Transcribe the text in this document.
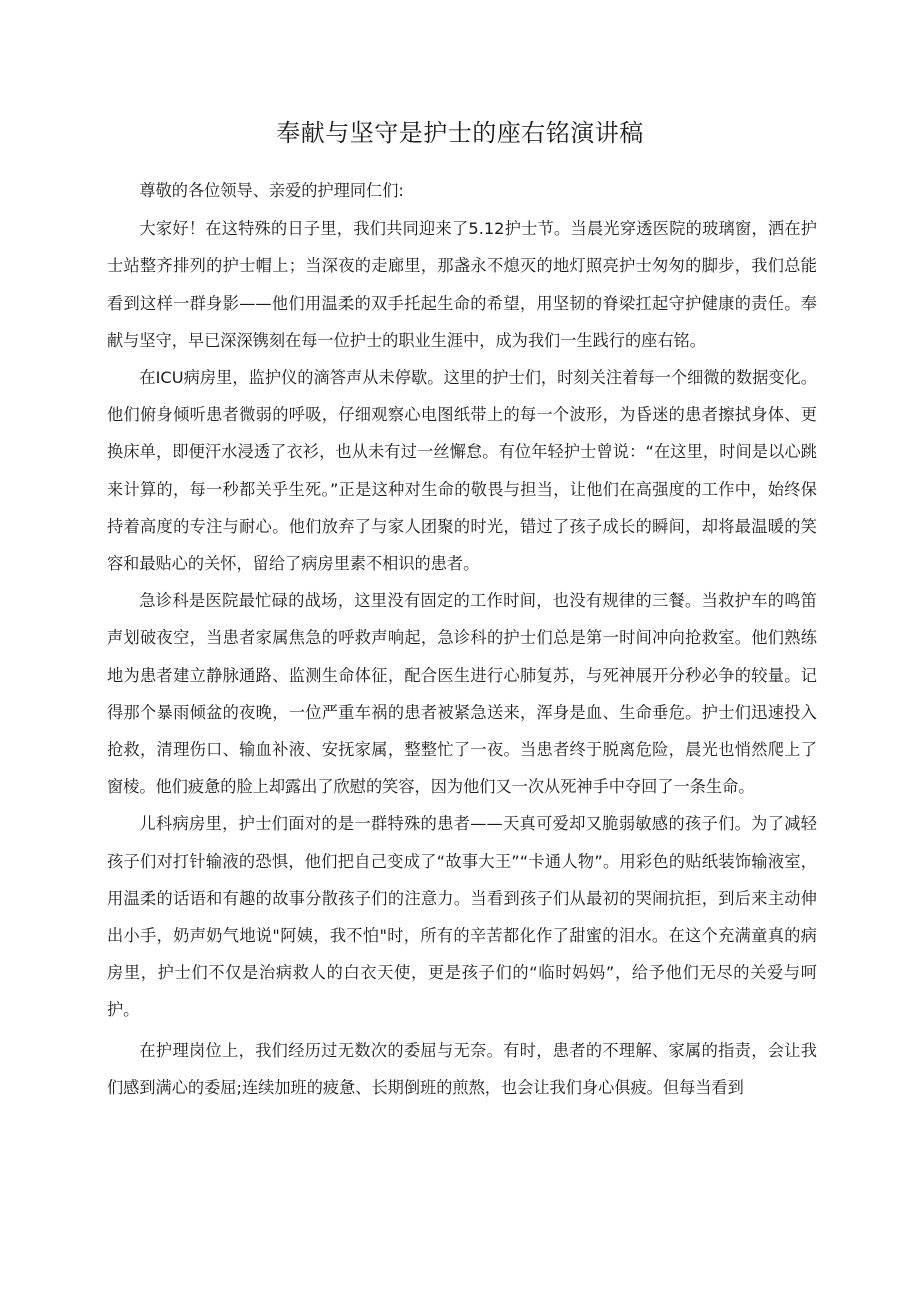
奉献与坚守是护士的座右铭演讲稿

尊敬的各位领导、亲爱的护理同仁们:

大家好！在这特殊的日子里，我们共同迎来了5.12护士节。当晨光穿透医院的玻璃窗，洒在护士站整齐排列的护士帽上；当深夜的走廊里，那盏永不熄灭的地灯照亮护士匆匆的脚步，我们总能看到这样一群身影——他们用温柔的双手托起生命的希望，用坚韧的脊梁扛起守护健康的责任。奉献与坚守，早已深深镌刻在每一位护士的职业生涯中，成为我们一生践行的座右铭。

在ICU病房里，监护仪的滴答声从未停歇。这里的护士们，时刻关注着每一个细微的数据变化。他们俯身倾听患者微弱的呼吸，仔细观察心电图纸带上的每一个波形，为昏迷的患者擦拭身体、更换床单，即便汗水浸透了衣衫，也从未有过一丝懈怠。有位年轻护士曾说：“在这里，时间是以心跳来计算的，每一秒都关乎生死。”正是这种对生命的敬畏与担当，让他们在高强度的工作中，始终保持着高度的专注与耐心。他们放弃了与家人团聚的时光，错过了孩子成长的瞬间，却将最温暖的笑容和最贴心的关怀，留给了病房里素不相识的患者。

急诊科是医院最忙碌的战场，这里没有固定的工作时间，也没有规律的三餐。当救护车的鸣笛声划破夜空，当患者家属焦急的呼救声响起，急诊科的护士们总是第一时间冲向抢救室。他们熟练地为患者建立静脉通路、监测生命体征，配合医生进行心肺复苏，与死神展开分秒必争的较量。记得那个暴雨倾盆的夜晚，一位严重车祸的患者被紧急送来，浑身是血、生命垂危。护士们迅速投入抢救，清理伤口、输血补液、安抚家属，整整忙了一夜。当患者终于脱离危险，晨光也悄然爬上了窗棱。他们疲惫的脸上却露出了欣慰的笑容，因为他们又一次从死神手中夺回了一条生命。

儿科病房里，护士们面对的是一群特殊的患者——天真可爱却又脆弱敏感的孩子们。为了减轻孩子们对打针输液的恐惧，他们把自己变成了“故事大王”“卡通人物”。用彩色的贴纸装饰输液室，用温柔的话语和有趣的故事分散孩子们的注意力。当看到孩子们从最初的哭闹抗拒，到后来主动伸出小手，奶声奶气地说"阿姨，我不怕"时，所有的辛苦都化作了甜蜜的泪水。在这个充满童真的病房里，护士们不仅是治病救人的白衣天使，更是孩子们的“临时妈妈”，给予他们无尽的关爱与呵护。

在护理岗位上，我们经历过无数次的委屈与无奈。有时，患者的不理解、家属的指责，会让我们感到满心的委屈;连续加班的疲惫、长期倒班的煎熬，也会让我们身心俱疲。但每当看到
